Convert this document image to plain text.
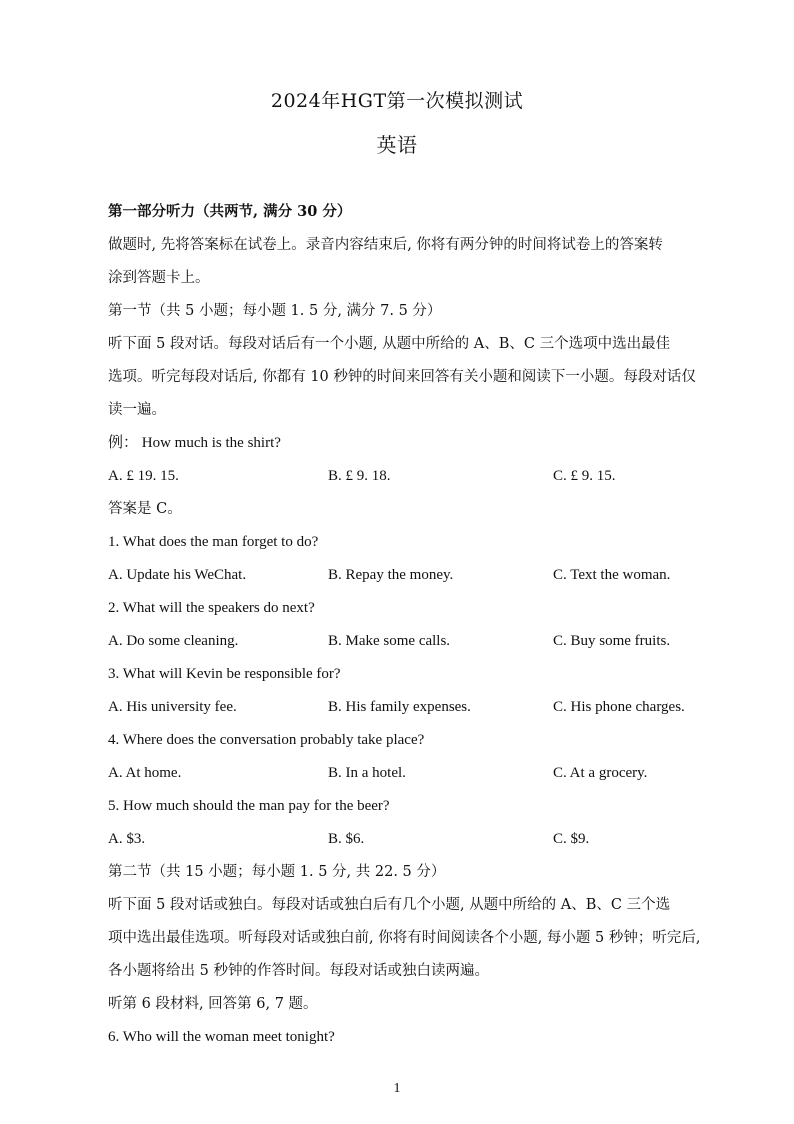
2024年HGT第一次模拟测试
英语
第一部分听力（共两节, 满分 30 分）
做题时, 先将答案标在试卷上。录音内容结束后, 你将有两分钟的时间将试卷上的答案转
涂到答题卡上。
第一节（共 5 小题；每小题 1. 5 分, 满分 7. 5 分）
听下面 5 段对话。每段对话后有一个小题, 从题中所给的 A、B、C 三个选项中选出最佳
选项。听完每段对话后, 你都有 10 秒钟的时间来回答有关小题和阅读下一小题。每段对话仅
读一遍。
例： How much is the shirt?
A. £ 19. 15.	B. £ 9. 18.	C. £ 9. 15.
答案是 C。
1. What does the man forget to do?
A. Update his WeChat.	B. Repay the money.	C. Text the woman.
2. What will the speakers do next?
A. Do some cleaning.	B. Make some calls.	C. Buy some fruits.
3. What will Kevin be responsible for?
A. His university fee.	B. His family expenses.	C. His phone charges.
4. Where does the conversation probably take place?
A. At home.	B. In a hotel.	C. At a grocery.
5. How much should the man pay for the beer?
A. $3.	B. $6.	C. $9.
第二节（共 15 小题；每小题 1. 5 分, 共 22. 5 分）
听下面 5 段对话或独白。每段对话或独白后有几个小题, 从题中所给的 A、B、C 三个选
项中选出最佳选项。听每段对话或独白前, 你将有时间阅读各个小题, 每小题 5 秒钟；听完后,
各小题将给出 5 秒钟的作答时间。每段对话或独白读两遍。
听第 6 段材料, 回答第 6, 7 题。
6. Who will the woman meet tonight?
1
